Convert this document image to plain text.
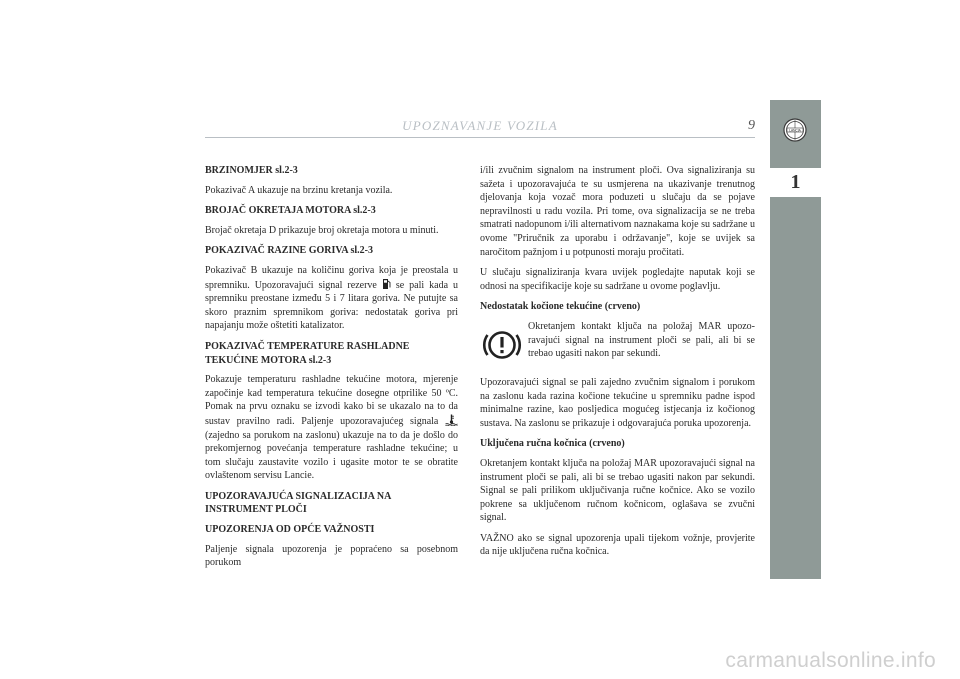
UPOZNAVANJE VOZILA	9	LANCIA
1
BRZINOMJER sl.2-3

Pokazivač A ukazuje na brzinu kretanja vozila.

BROJAČ OKRETAJA MOTORA sl.2-3

Brojač okretaja D prikazuje broj okretaja motora u minuti.

POKAZIVAČ RAZINE GORIVA sl.2-3

Pokazivač B ukazuje na količinu goriva koja je preostala u spremniku. Upozoravajući signal rezerve se pali kada u spremniku preostane između 5 i 7 litara goriva. Ne putujte sa skoro praznim spremnikom goriva: nedostatak goriva pri napajanju može oštetiti katalizator.

POKAZIVAČ TEMPERATURE RASHLADNE TEKUĆINE MOTORA sl.2-3

Pokazuje temperaturu rashladne tekućine motora, mjerenje započinje kad temperatura tekućine dosegne otprilike 50 ºC. Pomak na prvu oznaku se izvodi kako bi se ukazalo na to da sustav pravilno radi. Paljenje upozoravajućeg signala  (zajedno sa porukom na zaslonu) ukazuje na to da je došlo do prekomjernog povećanja temperature rashladne tekućine; u tom slučaju zaustavite vozilo i ugasite motor te se obratite ovlaštenom servisu Lancie.

UPOZORAVAJUĆA SIGNALIZACIJA NA INSTRUMENT PLOČI
UPOZORENJA OD OPĆE VAŽNOSTI

Paljenje signala upozorenja je popraćeno sa posebnom porukom

i/ili zvučnim signalom na instrument ploči. Ova signaliziranja su sažeta i upozoravajuća te su usmjerena na ukazivanje trenutnog djelovanja koja vozač mora poduzeti u slučaju da se pojave nepravilnosti u radu vozila. Pri tome, ova signalizacija se ne treba smatrati nadopunom i/ili alternativom naznakama koje su sadržane u ovome "Priručnik za uporabu i održavanje", koje se uvijek sa naročitom pažnjom i u potpunosti moraju pročitati.

U slučaju signaliziranja kvara uvijek pogledajte naputak koji se odnosi na specifikacije koje su sadržane u ovome poglavlju.

Nedostatak kočione tekućine (crveno)

Okretanjem kontakt ključa na položaj MAR upozo-ravajući signal na instrument ploči se pali, ali bi se trebao ugasiti nakon par sekundi.

Upozoravajući signal se pali zajedno zvučnim signalom i porukom na zaslonu kada razina kočione tekućine u spremniku padne ispod minimalne razine, kao posljedica mogućeg istjecanja iz kočionog sustava. Na zaslonu se prikazuje i odgovarajuća poruka upozorenja.

Uključena ručna kočnica (crveno)

Okretanjem kontakt ključa na položaj MAR upozoravajući signal na instrument ploči se pali, ali bi se trebao ugasiti nakon par sekundi. Signal se pali prilikom uključivanja ručne kočnice. Ako se vozilo pokrene sa uključenom ručnom kočnicom, oglašava se zvučni signal.

VAŽNO ako se signal upozorenja upali tijekom vožnje, provjerite da nije uključena ručna kočnica.

carmanualsonline.info
